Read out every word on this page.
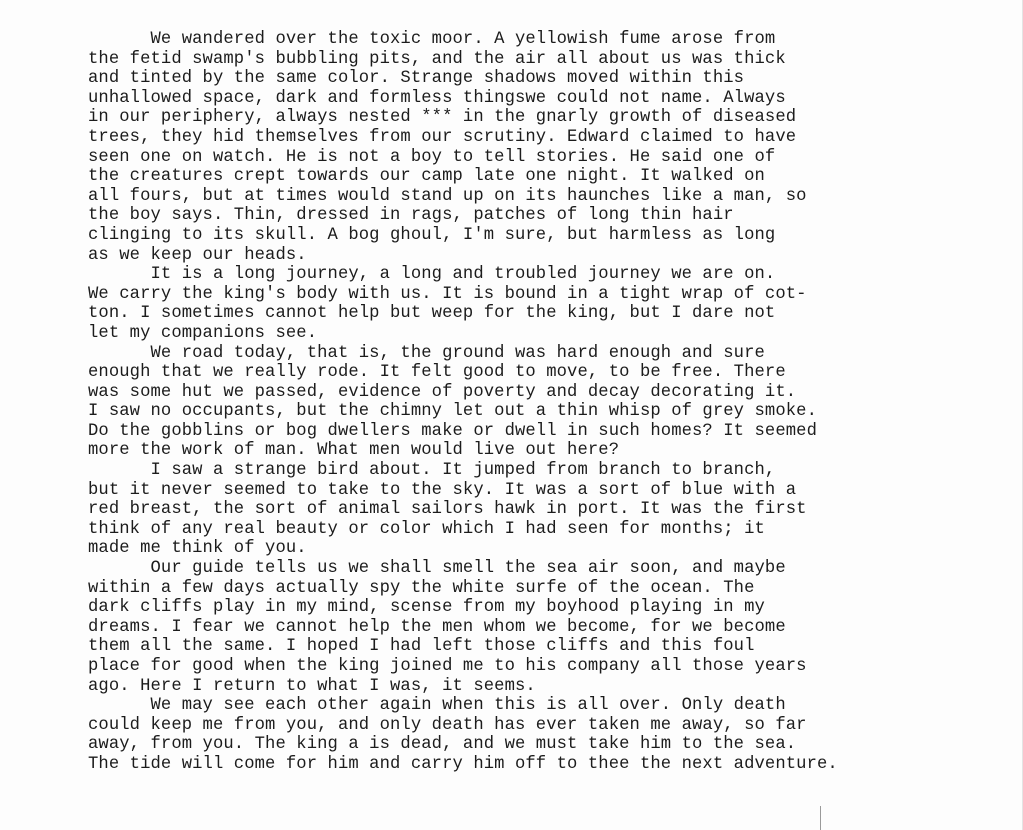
We wandered over the toxic moor. A yellowish fume arose from
the fetid swamp's bubbling pits, and the air all about us was thick
and tinted by the same color. Strange shadows moved within this
unhallowed space, dark and formless thingswe could not name. Always
in our periphery, always nested *** in the gnarly growth of diseased
trees, they hid themselves from our scrutiny. Edward claimed to have
seen one on watch. He is not a boy to tell stories. He said one of
the creatures crept towards our camp late one night. It walked on
all fours, but at times would stand up on its haunches like a man, so
the boy says. Thin, dressed in rags, patches of long thin hair
clinging to its skull. A bog ghoul, I'm sure, but harmless as long
as we keep our heads.
It is a long journey, a long and troubled journey we are on.
We carry the king's body with us. It is bound in a tight wrap of cot-
ton. I sometimes cannot help but weep for the king, but I dare not
let my companions see.
We road today, that is, the ground was hard enough and sure
enough that we really rode. It felt good to move, to be free. There
was some hut we passed, evidence of poverty and decay decorating it.
I saw no occupants, but the chimny let out a thin whisp of grey smoke.
Do the gobblins or bog dwellers make or dwell in such homes? It seemed
more the work of man. What men would live out here?
I saw a strange bird about. It jumped from branch to branch,
but it never seemed to take to the sky. It was a sort of blue with a
red breast, the sort of animal sailors hawk in port. It was the first
think of any real beauty or color which I had seen for months; it
made me think of you.
Our guide tells us we shall smell the sea air soon, and maybe
within a few days actually spy the white surfe of the ocean. The
dark cliffs play in my mind, scense from my boyhood playing in my
dreams. I fear we cannot help the men whom we become, for we become
them all the same. I hoped I had left those cliffs and this foul
place for good when the king joined me to his company all those years
ago. Here I return to what I was, it seems.
We may see each other again when this is all over. Only death
could keep me from you, and only death has ever taken me away, so far
away, from you. The king a is dead, and we must take him to the sea.
The tide will come for him and carry him off to thee the next adventure.
